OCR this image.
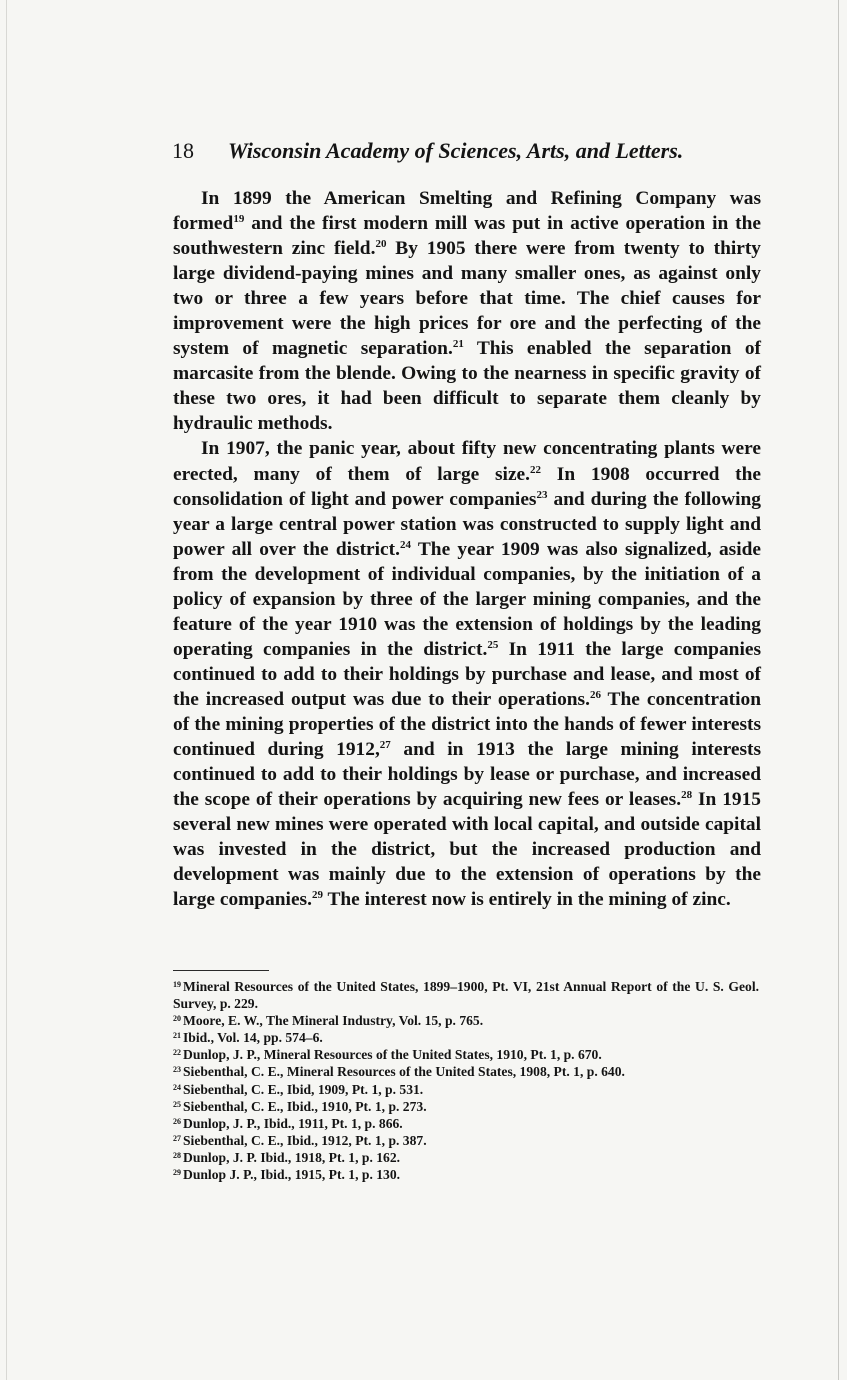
18 Wisconsin Academy of Sciences, Arts, and Letters.

In 1899 the American Smelting and Refining Company was formed$^{19}$ and the first modern mill was put in active operation in the southwestern zinc field.$^{20}$ By 1905 there were from twenty to thirty large dividend-paying mines and many smaller ones, as against only two or three a few years before that time. The chief causes for improvement were the high prices for ore and the perfecting of the system of magnetic separation.$^{21}$ This enabled the separation of marcasite from the blende. Owing to the nearness in specific gravity of these two ores, it had been difficult to separate them cleanly by hydraulic methods.

In 1907, the panic year, about fifty new concentrating plants were erected, many of them of large size.$^{22}$ In 1908 occurred the consolidation of light and power companies$^{23}$ and during the following year a large central power station was constructed to supply light and power all over the district.$^{24}$ The year 1909 was also signalized, aside from the development of individual companies, by the initiation of a policy of expansion by three of the larger mining companies, and the feature of the year 1910 was the extension of holdings by the leading operating companies in the district.$^{25}$ In 1911 the large companies continued to add to their holdings by purchase and lease, and most of the increased output was due to their operations.$^{26}$ The concentration of the mining properties of the district into the hands of fewer interests continued during 1912,27 and in 1913 the large mining interests continued to add to their holdings by lease or purchase, and increased the scope of their operations by acquiring new fees or leases.$^{28}$ In 1915 several new mines were operated with local capital, and outside capital was invested in the district, but the increased production and development was mainly due to the extension of operations by the large companies.$^{29}$ The interest now is entirely in the mining of zinc.

$^{19}$ Mineral Resources of the United States, 1899–1900, Pt. VI, 21st Annual Report of the U. S. Geol. Survey, p. 229.
$^{20}$ Moore, E. W., The Mineral Industry, Vol. 15, p. 765.
$^{21}$ Ibid., Vol. 14, pp. 574–6.
$^{22}$ Dunlop, J. P., Mineral Resources of the United States, 1910, Pt. 1, p. 670.
$^{23}$ Siebenthal, C. E., Mineral Resources of the United States, 1908, Pt. 1, p. 640.
$^{24}$ Siebenthal, C. E., Ibid, 1909, Pt. 1, p. 531.
$^{25}$ Siebenthal, C. E., Ibid., 1910, Pt. 1, p. 273.
$^{26}$ Dunlop, J. P., Ibid., 1911, Pt. 1, p. 866.
$^{27}$ Siebenthal, C. E., Ibid., 1912, Pt. 1, p. 387.
$^{28}$ Dunlop, J. P. Ibid., 1918, Pt. 1, p. 162.
$^{29}$ Dunlop J. P., Ibid., 1915, Pt. 1, p. 130.
